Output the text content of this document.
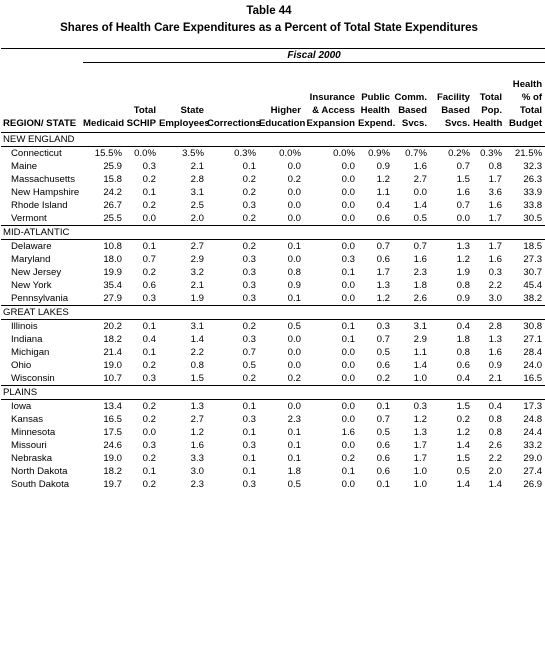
Table 44
Shares of Health Care Expenditures as a Percent of Total State Expenditures
	Fiscal 2000										
REGION/ STATE	Medicaid	Total SCHIP	State Employees	Corrections	Higher Education	Insurance & Access Expansion	Public Health Expend.	Comm. Based Svcs.	Facility Based Svcs.	Total Pop. Health	Health % of Total Budget
NEW ENGLAND											
Connecticut	15.5%	0.0%	3.5%	0.3%	0.0%	0.0%	0.9%	0.7%	0.2%	0.3%	21.5%
Maine	25.9	0.3	2.1	0.1	0.0	0.0	0.9	1.6	0.7	0.8	32.3
Massachusetts	15.8	0.2	2.8	0.2	0.2	0.0	1.2	2.7	1.5	1.7	26.3
New Hampshire	24.2	0.1	3.1	0.2	0.0	0.0	1.1	0.0	1.6	3.6	33.9
Rhode Island	26.7	0.2	2.5	0.3	0.0	0.0	0.4	1.4	0.7	1.6	33.8
Vermont	25.5	0.0	2.0	0.2	0.0	0.0	0.6	0.5	0.0	1.7	30.5
MID-ATLANTIC											
Delaware	10.8	0.1	2.7	0.2	0.1	0.0	0.7	0.7	1.3	1.7	18.5
Maryland	18.0	0.7	2.9	0.3	0.0	0.3	0.6	1.6	1.2	1.6	27.3
New Jersey	19.9	0.2	3.2	0.3	0.8	0.1	1.7	2.3	1.9	0.3	30.7
New York	35.4	0.6	2.1	0.3	0.9	0.0	1.3	1.8	0.8	2.2	45.4
Pennsylvania	27.9	0.3	1.9	0.3	0.1	0.0	1.2	2.6	0.9	3.0	38.2
GREAT LAKES											
Illinois	20.2	0.1	3.1	0.2	0.5	0.1	0.3	3.1	0.4	2.8	30.8
Indiana	18.2	0.4	1.4	0.3	0.0	0.1	0.7	2.9	1.8	1.3	27.1
Michigan	21.4	0.1	2.2	0.7	0.0	0.0	0.5	1.1	0.8	1.6	28.4
Ohio	19.0	0.2	0.8	0.5	0.0	0.0	0.6	1.4	0.6	0.9	24.0
Wisconsin	10.7	0.3	1.5	0.2	0.2	0.0	0.2	1.0	0.4	2.1	16.5
PLAINS											
Iowa	13.4	0.2	1.3	0.1	0.0	0.0	0.1	0.3	1.5	0.4	17.3
Kansas	16.5	0.2	2.7	0.3	2.3	0.0	0.7	1.2	0.2	0.8	24.8
Minnesota	17.5	0.0	1.2	0.1	0.1	1.6	0.5	1.3	1.2	0.8	24.4
Missouri	24.6	0.3	1.6	0.3	0.1	0.0	0.6	1.7	1.4	2.6	33.2
Nebraska	19.0	0.2	3.3	0.1	0.1	0.2	0.6	1.7	1.5	2.2	29.0
North Dakota	18.2	0.1	3.0	0.1	1.8	0.1	0.6	1.0	0.5	2.0	27.4
South Dakota	19.7	0.2	2.3	0.3	0.5	0.0	0.1	1.0	1.4	1.4	26.9
